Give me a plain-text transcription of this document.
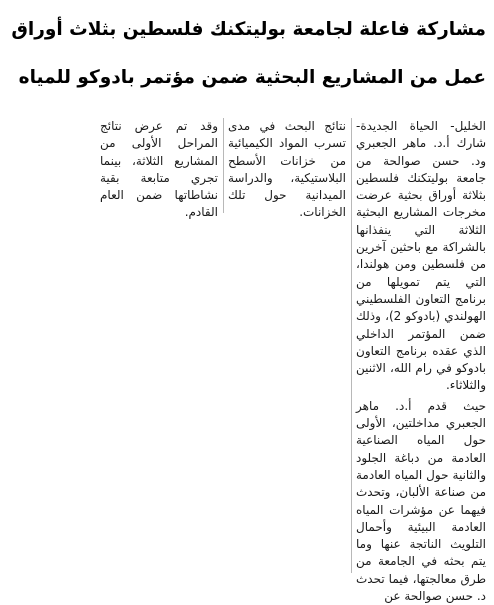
مشاركة فاعلة لجامعة بوليتكنك فلسطين بثلاث أوراق
عمل من المشاريع البحثية ضمن مؤتمر بادوكو للمياه

الخليل- الحياة الجديدة- شارك أ.د. ماهر الجعبري ود. حسن صوالحة من جامعة بوليتكنك فلسطين بثلاثة أوراق بحثية عرضت مخرجات المشاريع البحثية الثلاثة التي ينفذانها بالشراكة مع باحثين آخرين من فلسطين ومن هولندا، التي يتم تمويلها من برنامج التعاون الفلسطيني الهولندي (بادوكو 2)، وذلك ضمن المؤتمر الداخلي الذي عقده برنامج التعاون بادوكو في رام الله، الاثنين والثلاثاء.

حيث قدم أ.د. ماهر الجعبري مداخلتين، الأولى حول المياه الصناعية العادمة من دباغة الجلود والثانية حول المياه العادمة من صناعة الألبان، وتحدث فيهما عن مؤشرات المياه العادمة البيئية وأحمال التلويث الناتجة عنها وما يتم بحثه في الجامعة من طرق معالجتها، فيما تحدث د. حسن صوالحة عن

نتائج البحث في مدى تسرب المواد الكيميائية من خزانات الأسطح البلاستيكية، والدراسة الميدانية حول تلك الخزانات.

وقد تم عرض نتائج المراحل الأولى من المشاريع الثلاثة، بينما تجري متابعة بقية نشاطاتها ضمن العام القادم.
